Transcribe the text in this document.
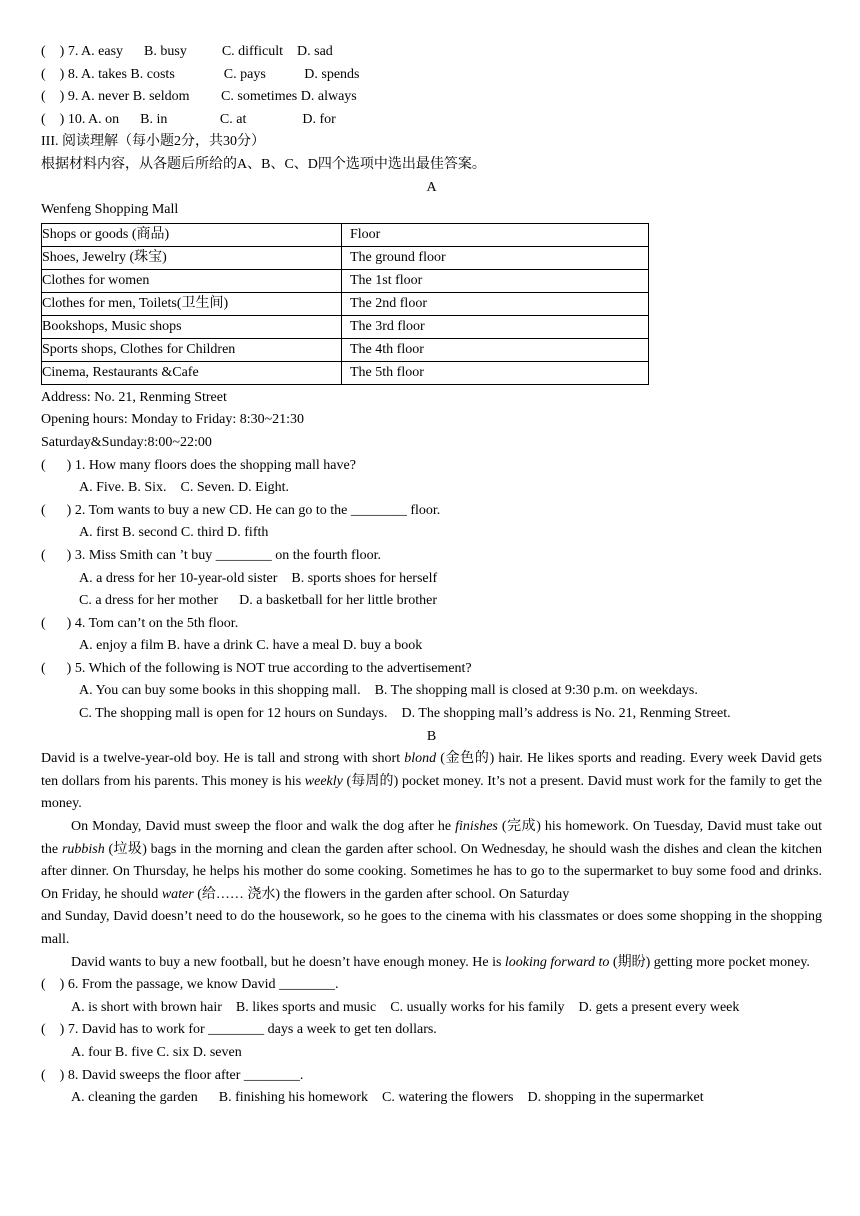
(    ) 7. A. easy      B. busy          C. difficult    D. sad
(    ) 8. A. takes B. costs              C. pays           D. spends
(    ) 9. A. never B. seldom         C. sometimes D. always
(    ) 10. A. on      B. in               C. at                D. for
III. 阅读理解（每小题2分，共30分）
根据材料内容，从各题后所给的A、B、C、D四个选项中选出最佳答案。
A
Wenfeng Shopping Mall
Shops or goods (商品)	Floor
Shoes, Jewelry (珠宝)	The ground floor
Clothes for women	The 1st floor
Clothes for men, Toilets(卫生间)	The 2nd floor
Bookshops, Music shops	The 3rd floor
Sports shops, Clothes for Children	The 4th floor
Cinema, Restaurants &Cafe	The 5th floor
Address: No. 21, Renming Street
Opening hours: Monday to Friday: 8:30~21:30
Saturday&Sunday:8:00~22:00
(      ) 1. How many floors does the shopping mall have?
A. Five. B. Six.    C. Seven. D. Eight.
(      ) 2. Tom wants to buy a new CD. He can go to the ________ floor.
A. first B. second C. third D. fifth
(      ) 3. Miss Smith can ’t buy ________ on the fourth floor.
A. a dress for her 10-year-old sister    B. sports shoes for herself
C. a dress for her mother      D. a basketball for her little brother
(      ) 4. Tom can’t on the 5th floor.
A. enjoy a film B. have a drink C. have a meal D. buy a book
(      ) 5. Which of the following is NOT true according to the advertisement?
A. You can buy some books in this shopping mall.    B. The shopping mall is closed at 9:30 p.m. on weekdays.
C. The shopping mall is open for 12 hours on Sundays.    D. The shopping mall’s address is No. 21, Renming Street.
B

David is a twelve-year-old boy. He is tall and strong with short blond (金色的) hair. He likes sports and reading. Every week David gets ten dollars from his parents. This money is his weekly (每周的) pocket money. It’s not a present. David must work for the family to get the money.

On Monday, David must sweep the floor and walk the dog after he finishes (完成) his homework. On Tuesday, David must take out the rubbish (垃圾) bags in the morning and clean the garden after school. On Wednesday, he should wash the dishes and clean the kitchen after dinner. On Thursday, he helps his mother do some cooking. Sometimes he has to go to the supermarket to buy some food and drinks. On Friday, he should water (给…… 浇水) the flowers in the garden after school. On Saturday

and Sunday, David doesn’t need to do the housework, so he goes to the cinema with his classmates or does some shopping in the shopping mall.

David wants to buy a new football, but he doesn’t have enough money. He is looking forward to (期盼) getting more pocket money.

(    ) 6. From the passage, we know David ________.
A. is short with brown hair    B. likes sports and music    C. usually works for his family    D. gets a present every week
(    ) 7. David has to work for ________ days a week to get ten dollars.
A. four B. five C. six D. seven
(    ) 8. David sweeps the floor after ________.
A. cleaning the garden      B. finishing his homework    C. watering the flowers    D. shopping in the supermarket
